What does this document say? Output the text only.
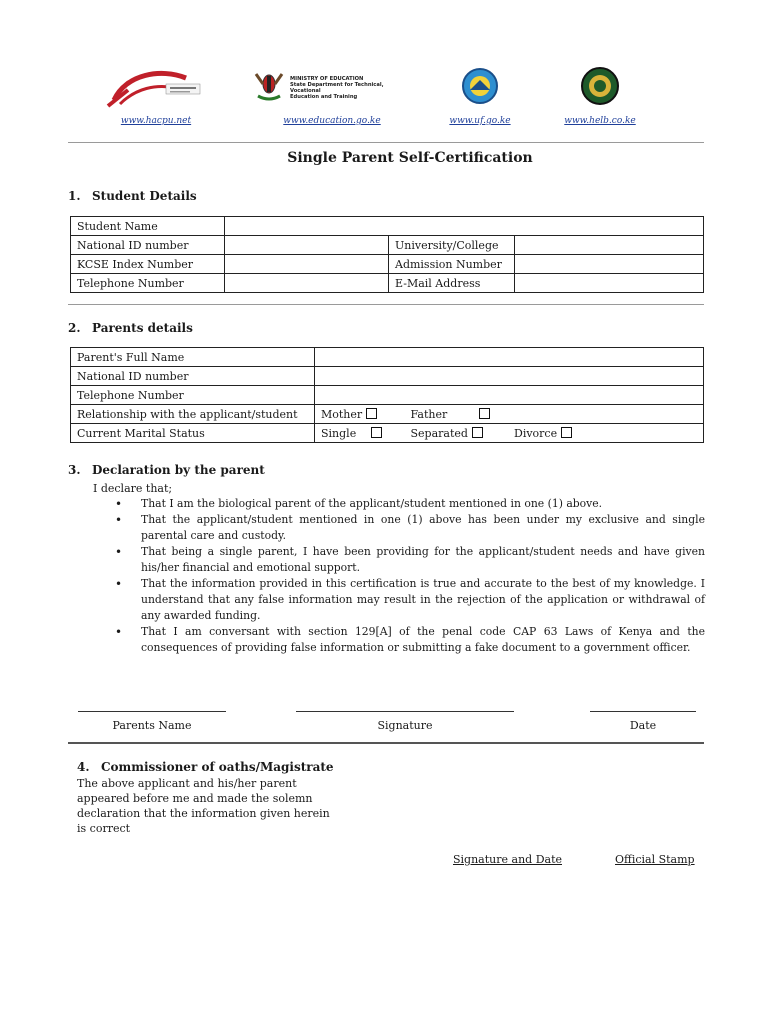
www.hacpu.net
MINISTRY OF EDUCATION
State Department for Technical, Vocational
Education and Training
www.education.go.ke	www.uf.go.ke	www.helb.co.ke
Single Parent Self-Certification
1. Student Details
Student Name			
National ID number		University/College	
KCSE Index Number		Admission Number	
Telephone Number		E-Mail Address	
2. Parents details
Parent's Full Name	
National ID number	
Telephone Number	
Relationship with the applicant/student	Mother Father
Current Marital Status	Single Separated Divorce
3. Declaration by the parent
I declare that;
• That I am the biological parent of the applicant/student mentioned in one (1) above.
• That the applicant/student mentioned in one (1) above has been under my exclusive and single parental care and custody.
• That being a single parent, I have been providing for the applicant/student needs and have given his/her financial and emotional support.
• That the information provided in this certification is true and accurate to the best of my knowledge. I understand that any false information may result in the rejection of the application or withdrawal of any awarded funding.
• That I am conversant with section 129[A] of the penal code CAP 63 Laws of Kenya and the consequences of providing false information or submitting a fake document to a government officer.
Parents Name	Signature	Date
4. Commissioner of oaths/Magistrate
The above applicant and his/her parent appeared before me and made the solemn declaration that the information given herein is correct
Signature and Date	Official Stamp
